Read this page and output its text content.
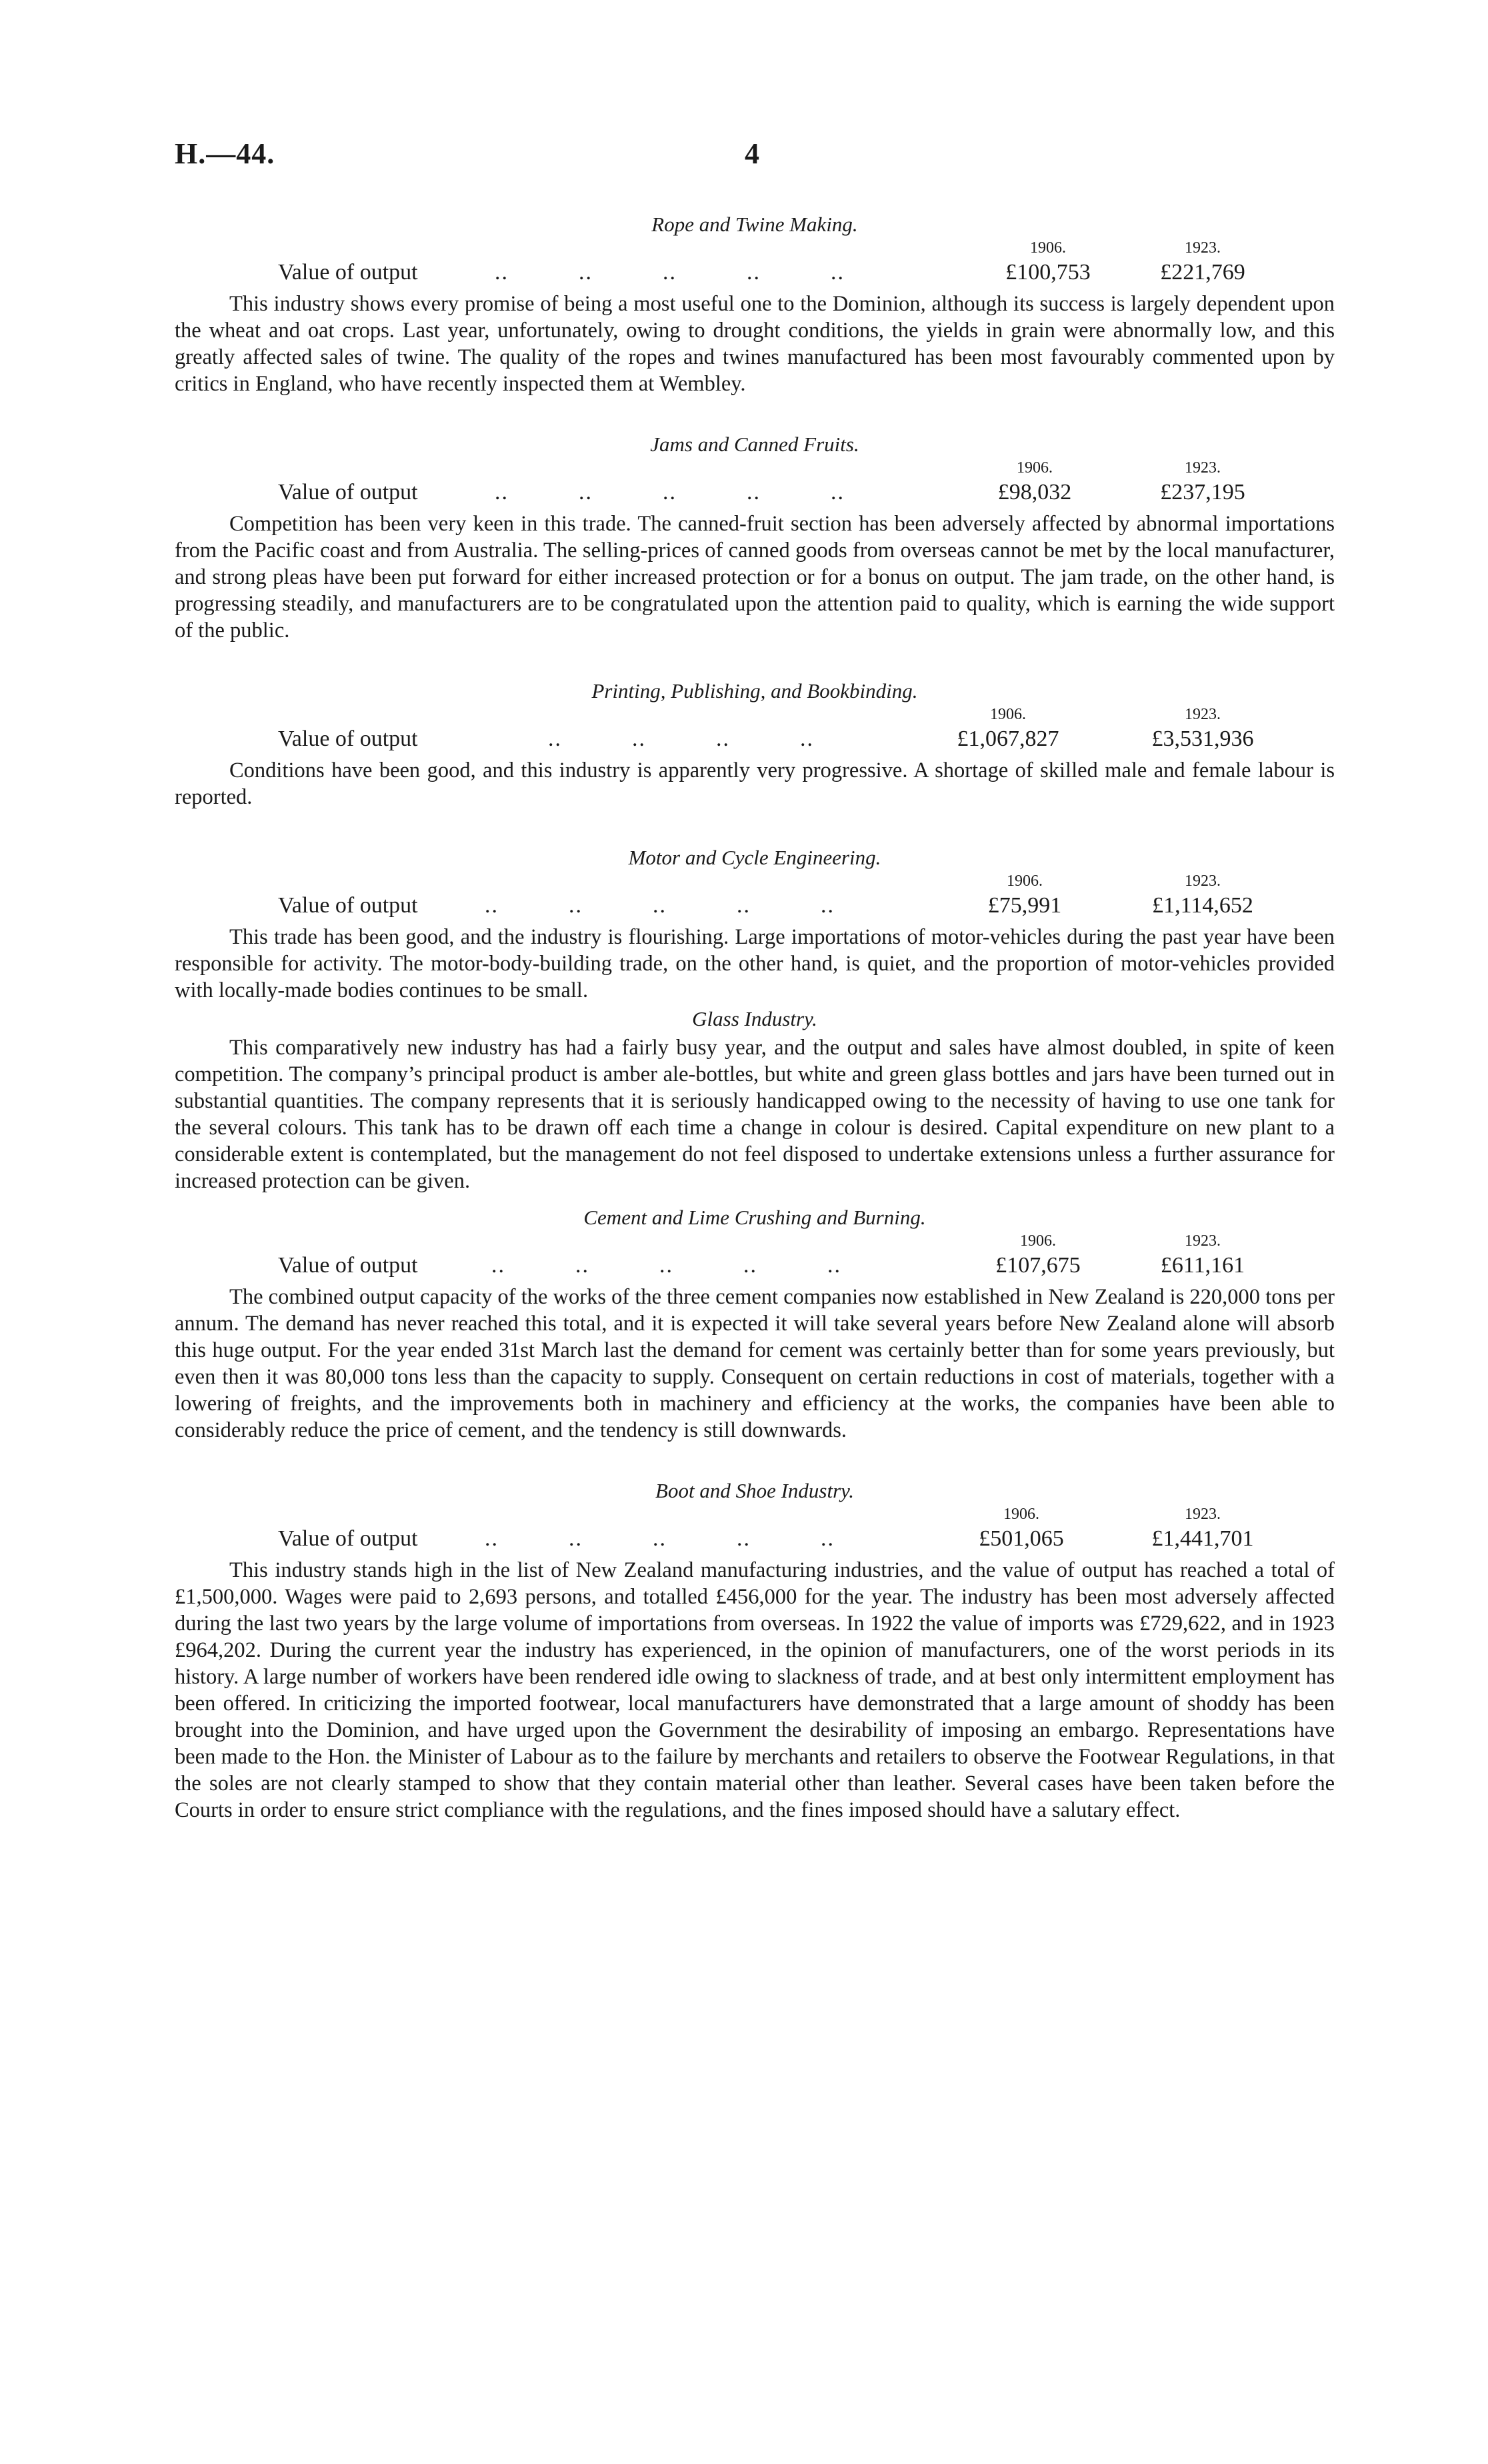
H.—44.	4

Rope and Twine Making.

1906.	1923.
Value of output	..          ..          ..          ..          ..	£100,753	£221,769

This industry shows every promise of being a most useful one to the Dominion, although its success is largely dependent upon the wheat and oat crops. Last year, unfortunately, owing to drought conditions, the yields in grain were abnormally low, and this greatly affected sales of twine. The quality of the ropes and twines manufactured has been most favourably commented upon by critics in England, who have recently inspected them at Wembley.

Jams and Canned Fruits.

1906.	1923.
Value of output	..          ..          ..          ..          ..	£98,032	£237,195

Competition has been very keen in this trade. The canned-fruit section has been adversely affected by abnormal importations from the Pacific coast and from Australia. The selling-prices of canned goods from overseas cannot be met by the local manufacturer, and strong pleas have been put forward for either increased protection or for a bonus on output. The jam trade, on the other hand, is progressing steadily, and manufacturers are to be congratulated upon the attention paid to quality, which is earning the wide support of the public.

Printing, Publishing, and Bookbinding.

1906.	1923.
Value of output	..          ..          ..          ..	£1,067,827	£3,531,936

Conditions have been good, and this industry is apparently very progressive. A shortage of skilled male and female labour is reported.

Motor and Cycle Engineering.

1906.	1923.
Value of output	..          ..          ..          ..          ..	£75,991	£1,114,652

This trade has been good, and the industry is flourishing. Large importations of motor-vehicles during the past year have been responsible for activity. The motor-body-building trade, on the other hand, is quiet, and the proportion of motor-vehicles provided with locally-made bodies continues to be small.

Glass Industry.

This comparatively new industry has had a fairly busy year, and the output and sales have almost doubled, in spite of keen competition. The company’s principal product is amber ale-bottles, but white and green glass bottles and jars have been turned out in substantial quantities. The company represents that it is seriously handicapped owing to the necessity of having to use one tank for the several colours. This tank has to be drawn off each time a change in colour is desired. Capital expenditure on new plant to a considerable extent is contemplated, but the management do not feel disposed to undertake extensions unless a further assurance for increased protection can be given.

Cement and Lime Crushing and Burning.

1906.	1923.
Value of output	..          ..          ..          ..          ..	£107,675	£611,161

The combined output capacity of the works of the three cement companies now established in New Zealand is 220,000 tons per annum. The demand has never reached this total, and it is expected it will take several years before New Zealand alone will absorb this huge output. For the year ended 31st March last the demand for cement was certainly better than for some years previously, but even then it was 80,000 tons less than the capacity to supply. Consequent on certain reductions in cost of materials, together with a lowering of freights, and the improvements both in machinery and efficiency at the works, the companies have been able to considerably reduce the price of cement, and the tendency is still downwards.

Boot and Shoe Industry.

1906.	1923.
Value of output	..          ..          ..          ..          ..	£501,065	£1,441,701

This industry stands high in the list of New Zealand manufacturing industries, and the value of output has reached a total of £1,500,000. Wages were paid to 2,693 persons, and totalled £456,000 for the year. The industry has been most adversely affected during the last two years by the large volume of importations from overseas. In 1922 the value of imports was £729,622, and in 1923 £964,202. During the current year the industry has experienced, in the opinion of manufacturers, one of the worst periods in its history. A large number of workers have been rendered idle owing to slackness of trade, and at best only intermittent employment has been offered. In criticizing the imported footwear, local manufacturers have demonstrated that a large amount of shoddy has been brought into the Dominion, and have urged upon the Government the desirability of imposing an embargo. Representations have been made to the Hon. the Minister of Labour as to the failure by merchants and retailers to observe the Footwear Regulations, in that the soles are not clearly stamped to show that they contain material other than leather. Several cases have been taken before the Courts in order to ensure strict compliance with the regulations, and the fines imposed should have a salutary effect.
